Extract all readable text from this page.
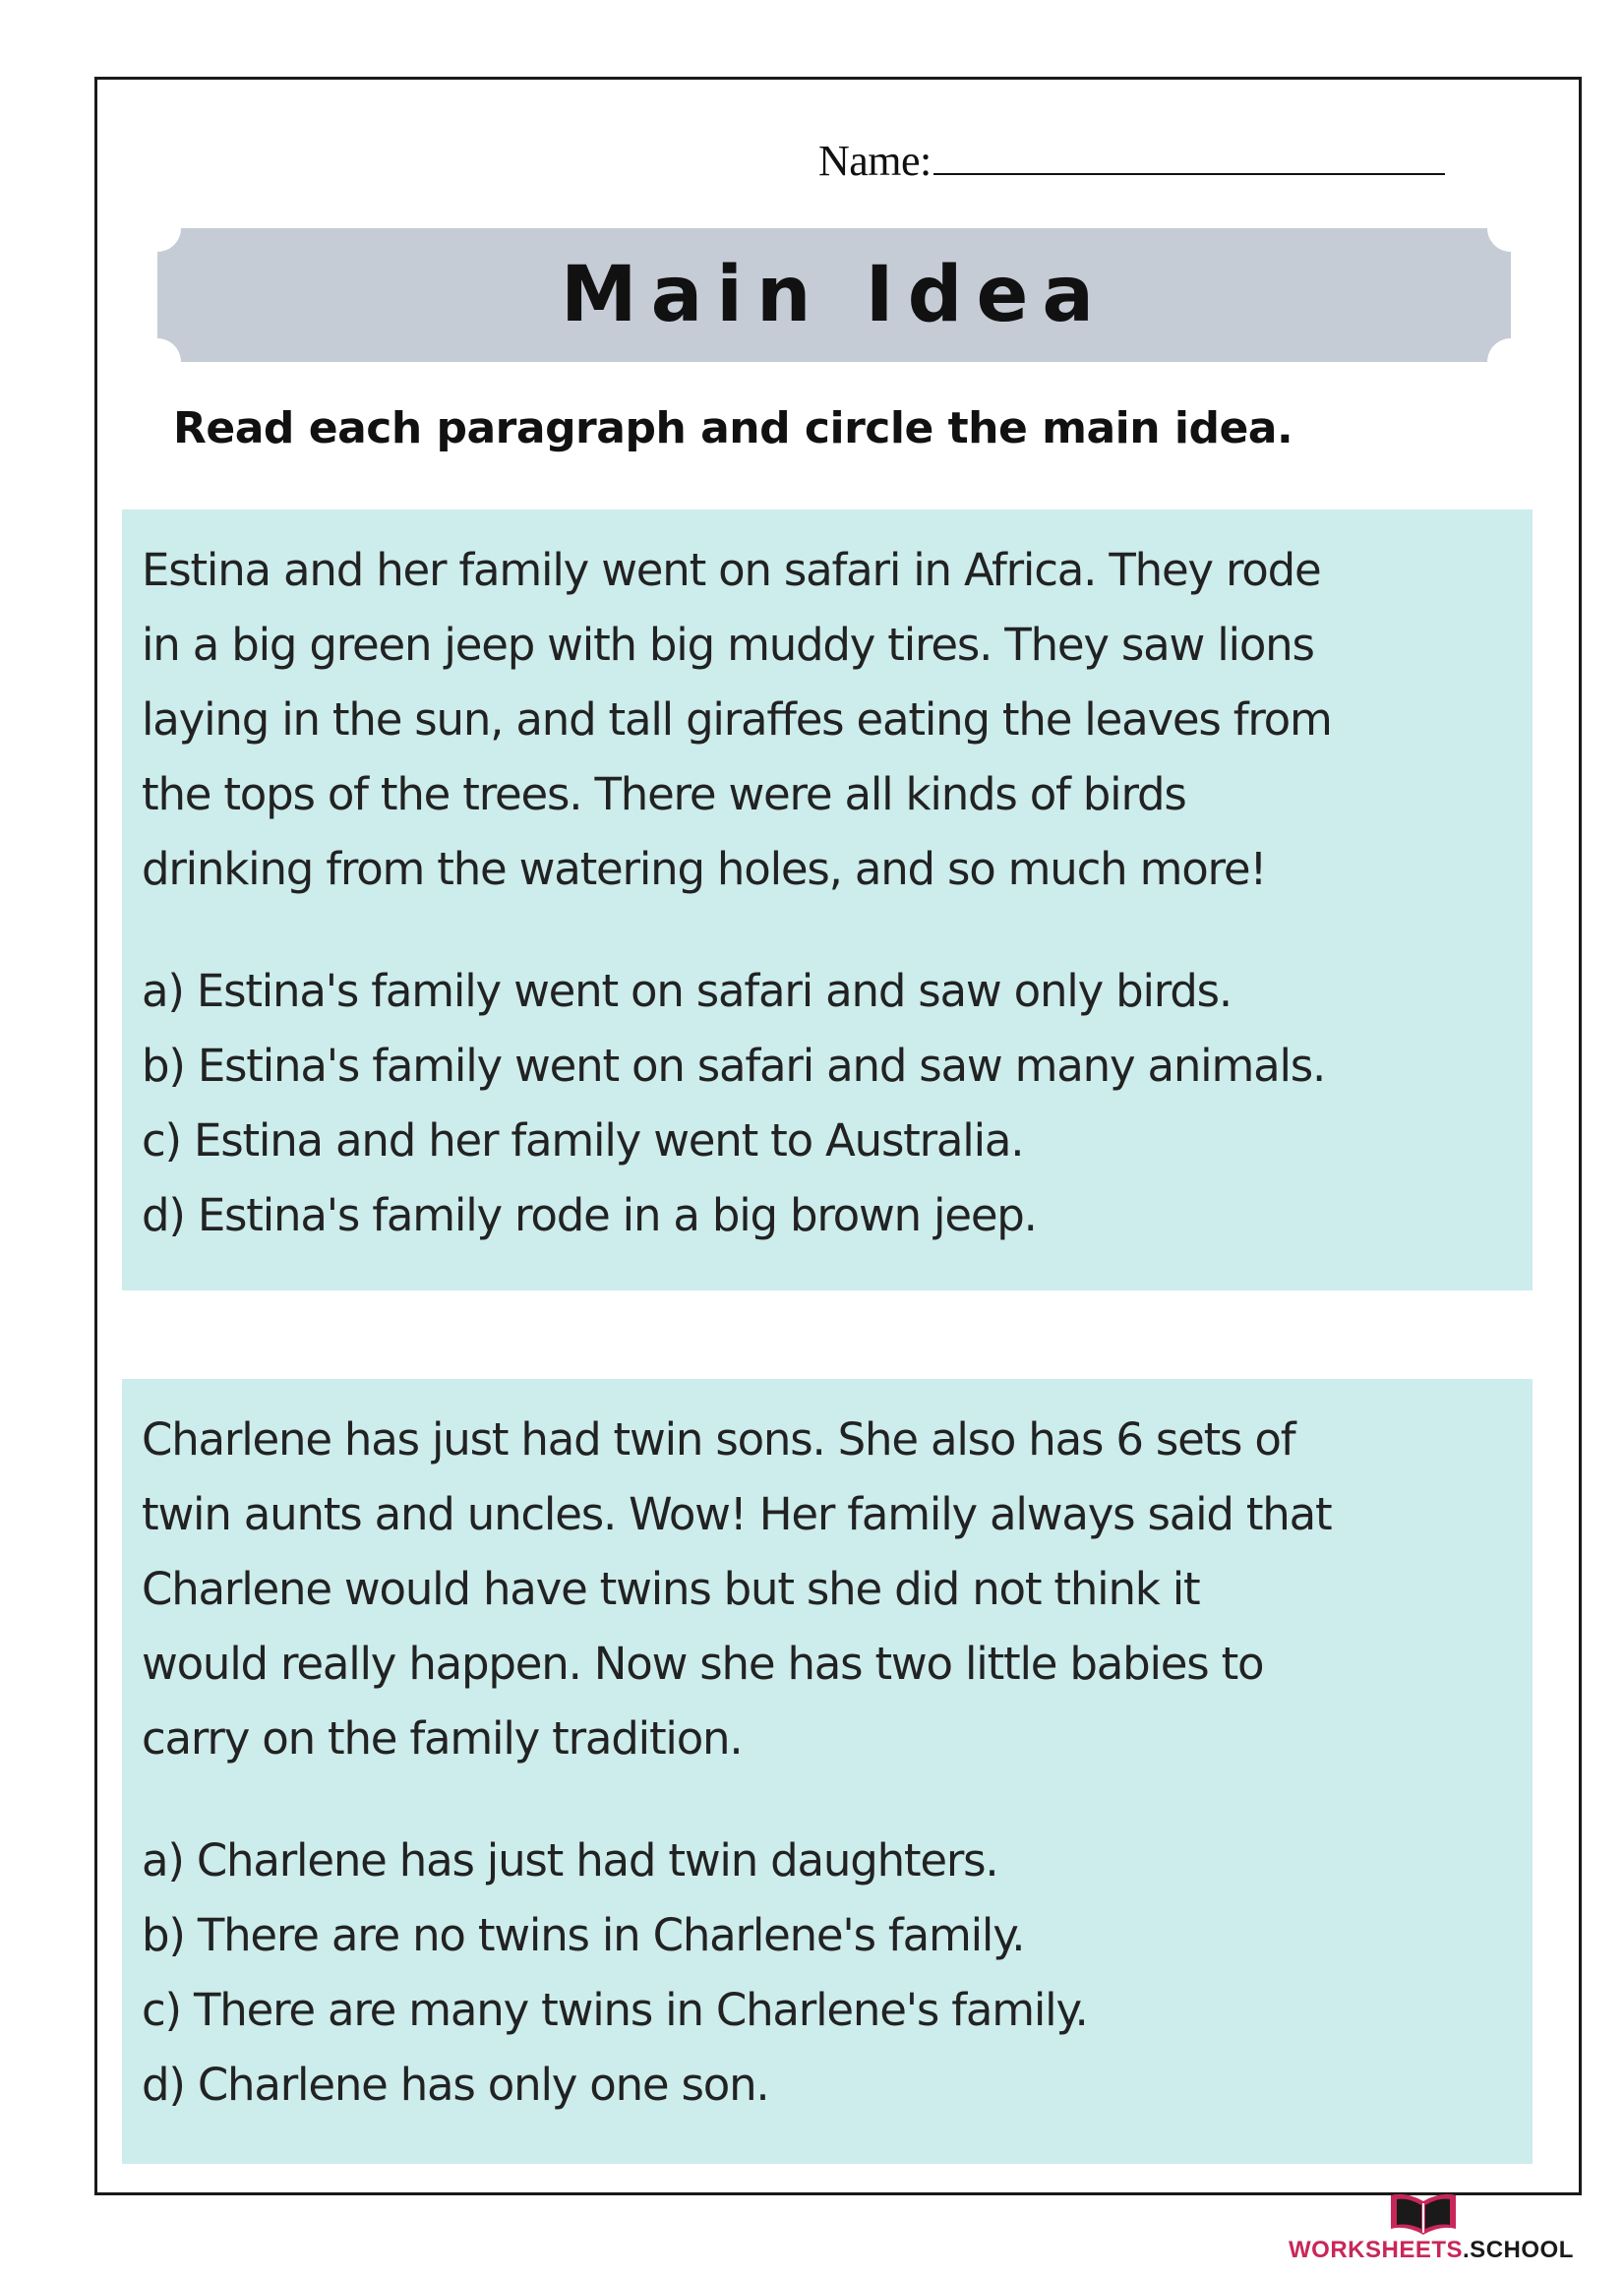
Name:
Main Idea
Read each paragraph and circle the main idea.

Estina and her family went on safari in Africa. They rode
in a big green jeep with big muddy tires. They saw lions
laying in the sun, and tall giraffes eating the leaves from
the tops of the trees. There were all kinds of birds
drinking from the watering holes, and so much more!

a) Estina's family went on safari and saw only birds.
b) Estina's family went on safari and saw many animals.
c) Estina and her family went to Australia.
d) Estina's family rode in a big brown jeep.

Charlene has just had twin sons. She also has 6 sets of
twin aunts and uncles. Wow! Her family always said that
Charlene would have twins but she did not think it
would really happen. Now she has two little babies to
carry on the family tradition.

a) Charlene has just had twin daughters.
b) There are no twins in Charlene's family.
c) There are many twins in Charlene's family.
d) Charlene has only one son.
WORKSHEETS.SCHOOL
